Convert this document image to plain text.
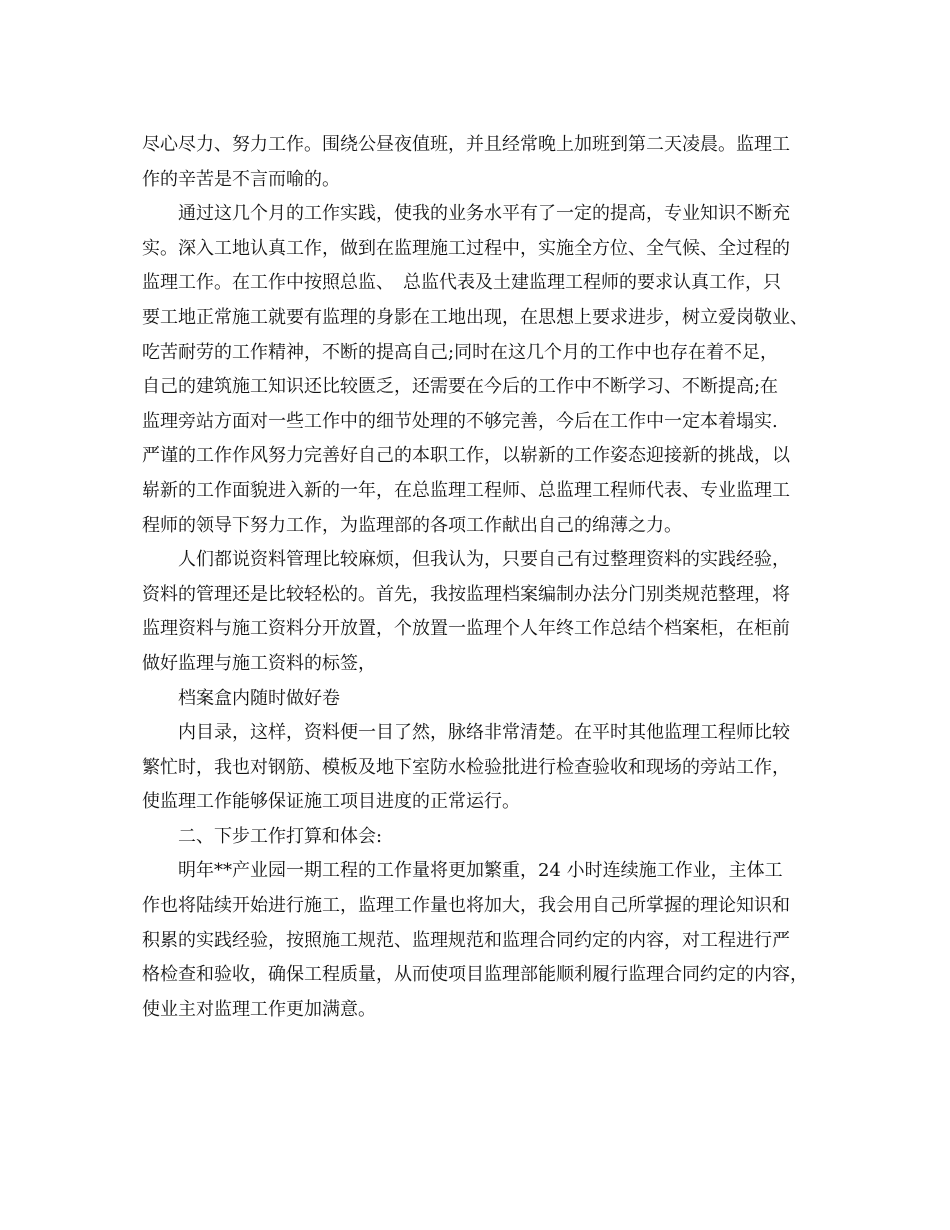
尽心尽力、努力工作。围绕公昼夜值班，并且经常晚上加班到第二天凌晨。监理工

作的辛苦是不言而喻的。

通过这几个月的工作实践，使我的业务水平有了一定的提高，专业知识不断充

实。深入工地认真工作，做到在监理施工过程中，实施全方位、全气候、全过程的

监理工作。在工作中按照总监、　总监代表及土建监理工程师的要求认真工作，只

要工地正常施工就要有监理的身影在工地出现，在思想上要求进步，树立爱岗敬业、

吃苦耐劳的工作精神，不断的提高自己;同时在这几个月的工作中也存在着不足，

自己的建筑施工知识还比较匮乏，还需要在今后的工作中不断学习、不断提高;在

监理旁站方面对一些工作中的细节处理的不够完善，今后在工作中一定本着塌实.

严谨的工作作风努力完善好自己的本职工作，以崭新的工作姿态迎接新的挑战，以

崭新的工作面貌进入新的一年，在总监理工程师、总监理工程师代表、专业监理工

程师的领导下努力工作，为监理部的各项工作献出自己的绵薄之力。

人们都说资料管理比较麻烦，但我认为，只要自己有过整理资料的实践经验，

资料的管理还是比较轻松的。首先，我按监理档案编制办法分门别类规范整理，将

监理资料与施工资料分开放置，个放置一监理个人年终工作总结个档案柜，在柜前

做好监理与施工资料的标签，

档案盒内随时做好卷

内目录，这样，资料便一目了然，脉络非常清楚。在平时其他监理工程师比较

繁忙时，我也对钢筋、模板及地下室防水检验批进行检查验收和现场的旁站工作，

使监理工作能够保证施工项目进度的正常运行。

二、下步工作打算和体会:

明年**产业园一期工程的工作量将更加繁重，24 小时连续施工作业，主体工

作也将陆续开始进行施工，监理工作量也将加大，我会用自己所掌握的理论知识和

积累的实践经验，按照施工规范、监理规范和监理合同约定的内容，对工程进行严

格检查和验收，确保工程质量，从而使项目监理部能顺利履行监理合同约定的内容，

使业主对监理工作更加满意。
